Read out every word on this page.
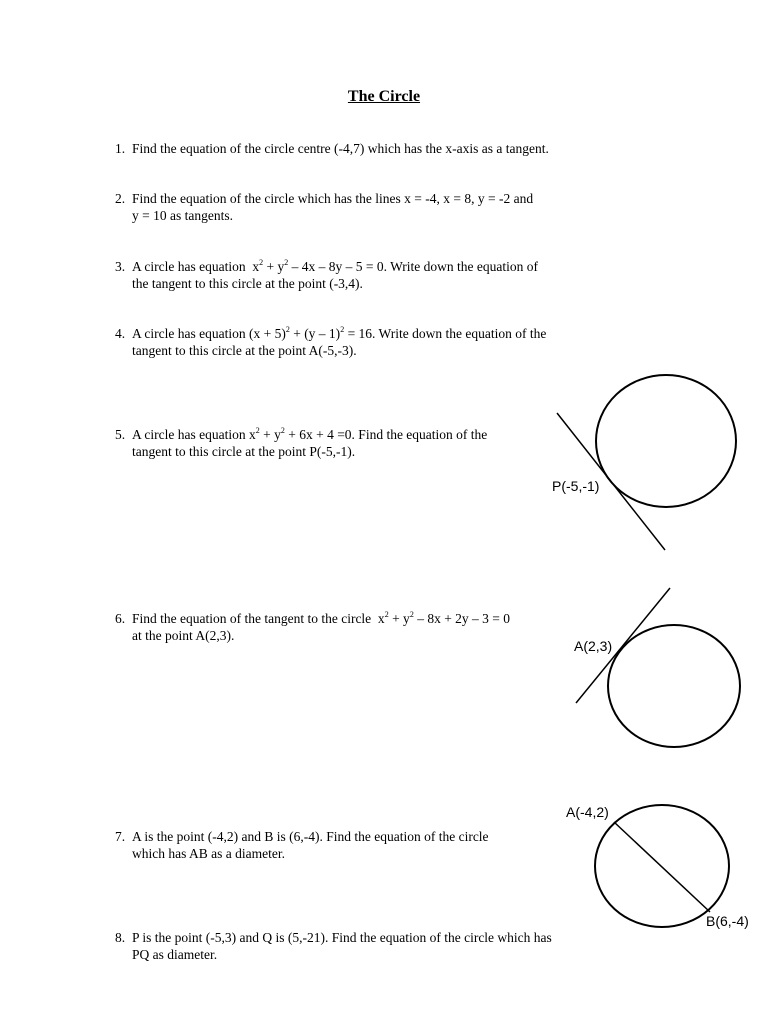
The Circle
1. Find the equation of the circle centre (-4,7) which has the x-axis as a tangent.
2. Find the equation of the circle which has the lines x = -4, x = 8, y = -2 and
y = 10 as tangents.
3. A circle has equation  $x^2 + y^2 - 4x - 8y - 5 = 0$. Write down the equation of
the tangent to this circle at the point (-3,4).
4. A circle has equation $(x + 5)^2 + (y - 1)^2 = 16$. Write down the equation of the
tangent to this circle at the point A(-5,-3).
5. A circle has equation $x^2 + y^2 + 6x + 4 =0$. Find the equation of the
tangent to this circle at the point P(-5,-1).
6. Find the equation of the tangent to the circle  $x^2 + y^2 - 8x + 2y - 3 = 0$
at the point A(2,3).
7. A is the point (-4,2) and B is (6,-4). Find the equation of the circle
which has AB as a diameter.
8. P is the point (-5,3) and Q is (5,-21). Find the equation of the circle which has
PQ as diameter.
P(-5,-1)
A(2,3)
A(-4,2)
B(6,-4)
